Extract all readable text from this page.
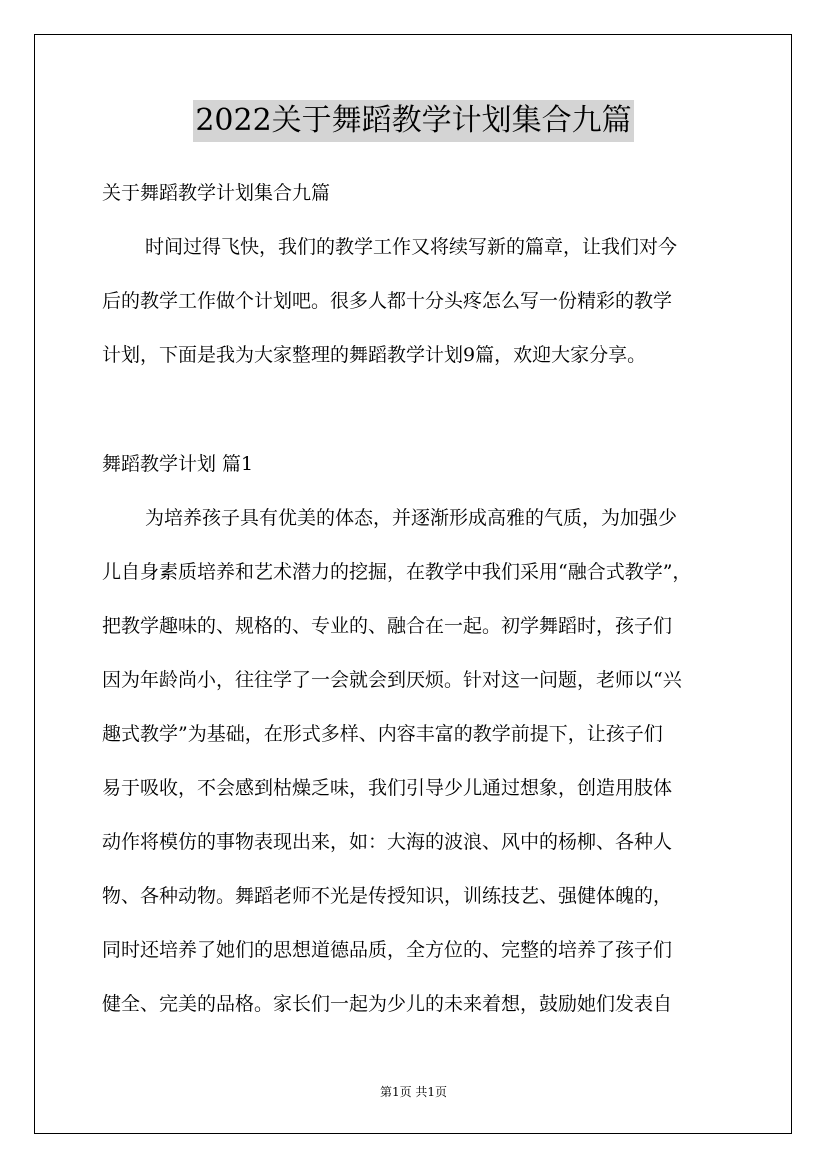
2022关于舞蹈教学计划集合九篇
关于舞蹈教学计划集合九篇
时间过得飞快，我们的教学工作又将续写新的篇章，让我们对今
后的教学工作做个计划吧。很多人都十分头疼怎么写一份精彩的教学
计划，下面是我为大家整理的舞蹈教学计划9篇，欢迎大家分享。
舞蹈教学计划 篇1
为培养孩子具有优美的体态，并逐渐形成高雅的气质，为加强少
儿自身素质培养和艺术潜力的挖掘，在教学中我们采用“融合式教学”，
把教学趣味的、规格的、专业的、融合在一起。初学舞蹈时，孩子们
因为年龄尚小，往往学了一会就会到厌烦。针对这一问题，老师以“兴
趣式教学”为基础，在形式多样、内容丰富的教学前提下，让孩子们
易于吸收，不会感到枯燥乏味，我们引导少儿通过想象，创造用肢体
动作将模仿的事物表现出来，如：大海的波浪、风中的杨柳、各种人
物、各种动物。舞蹈老师不光是传授知识，训练技艺、强健体魄的，
同时还培养了她们的思想道德品质，全方位的、完整的培养了孩子们
健全、完美的品格。家长们一起为少儿的未来着想，鼓励她们发表自
第1页 共1页
